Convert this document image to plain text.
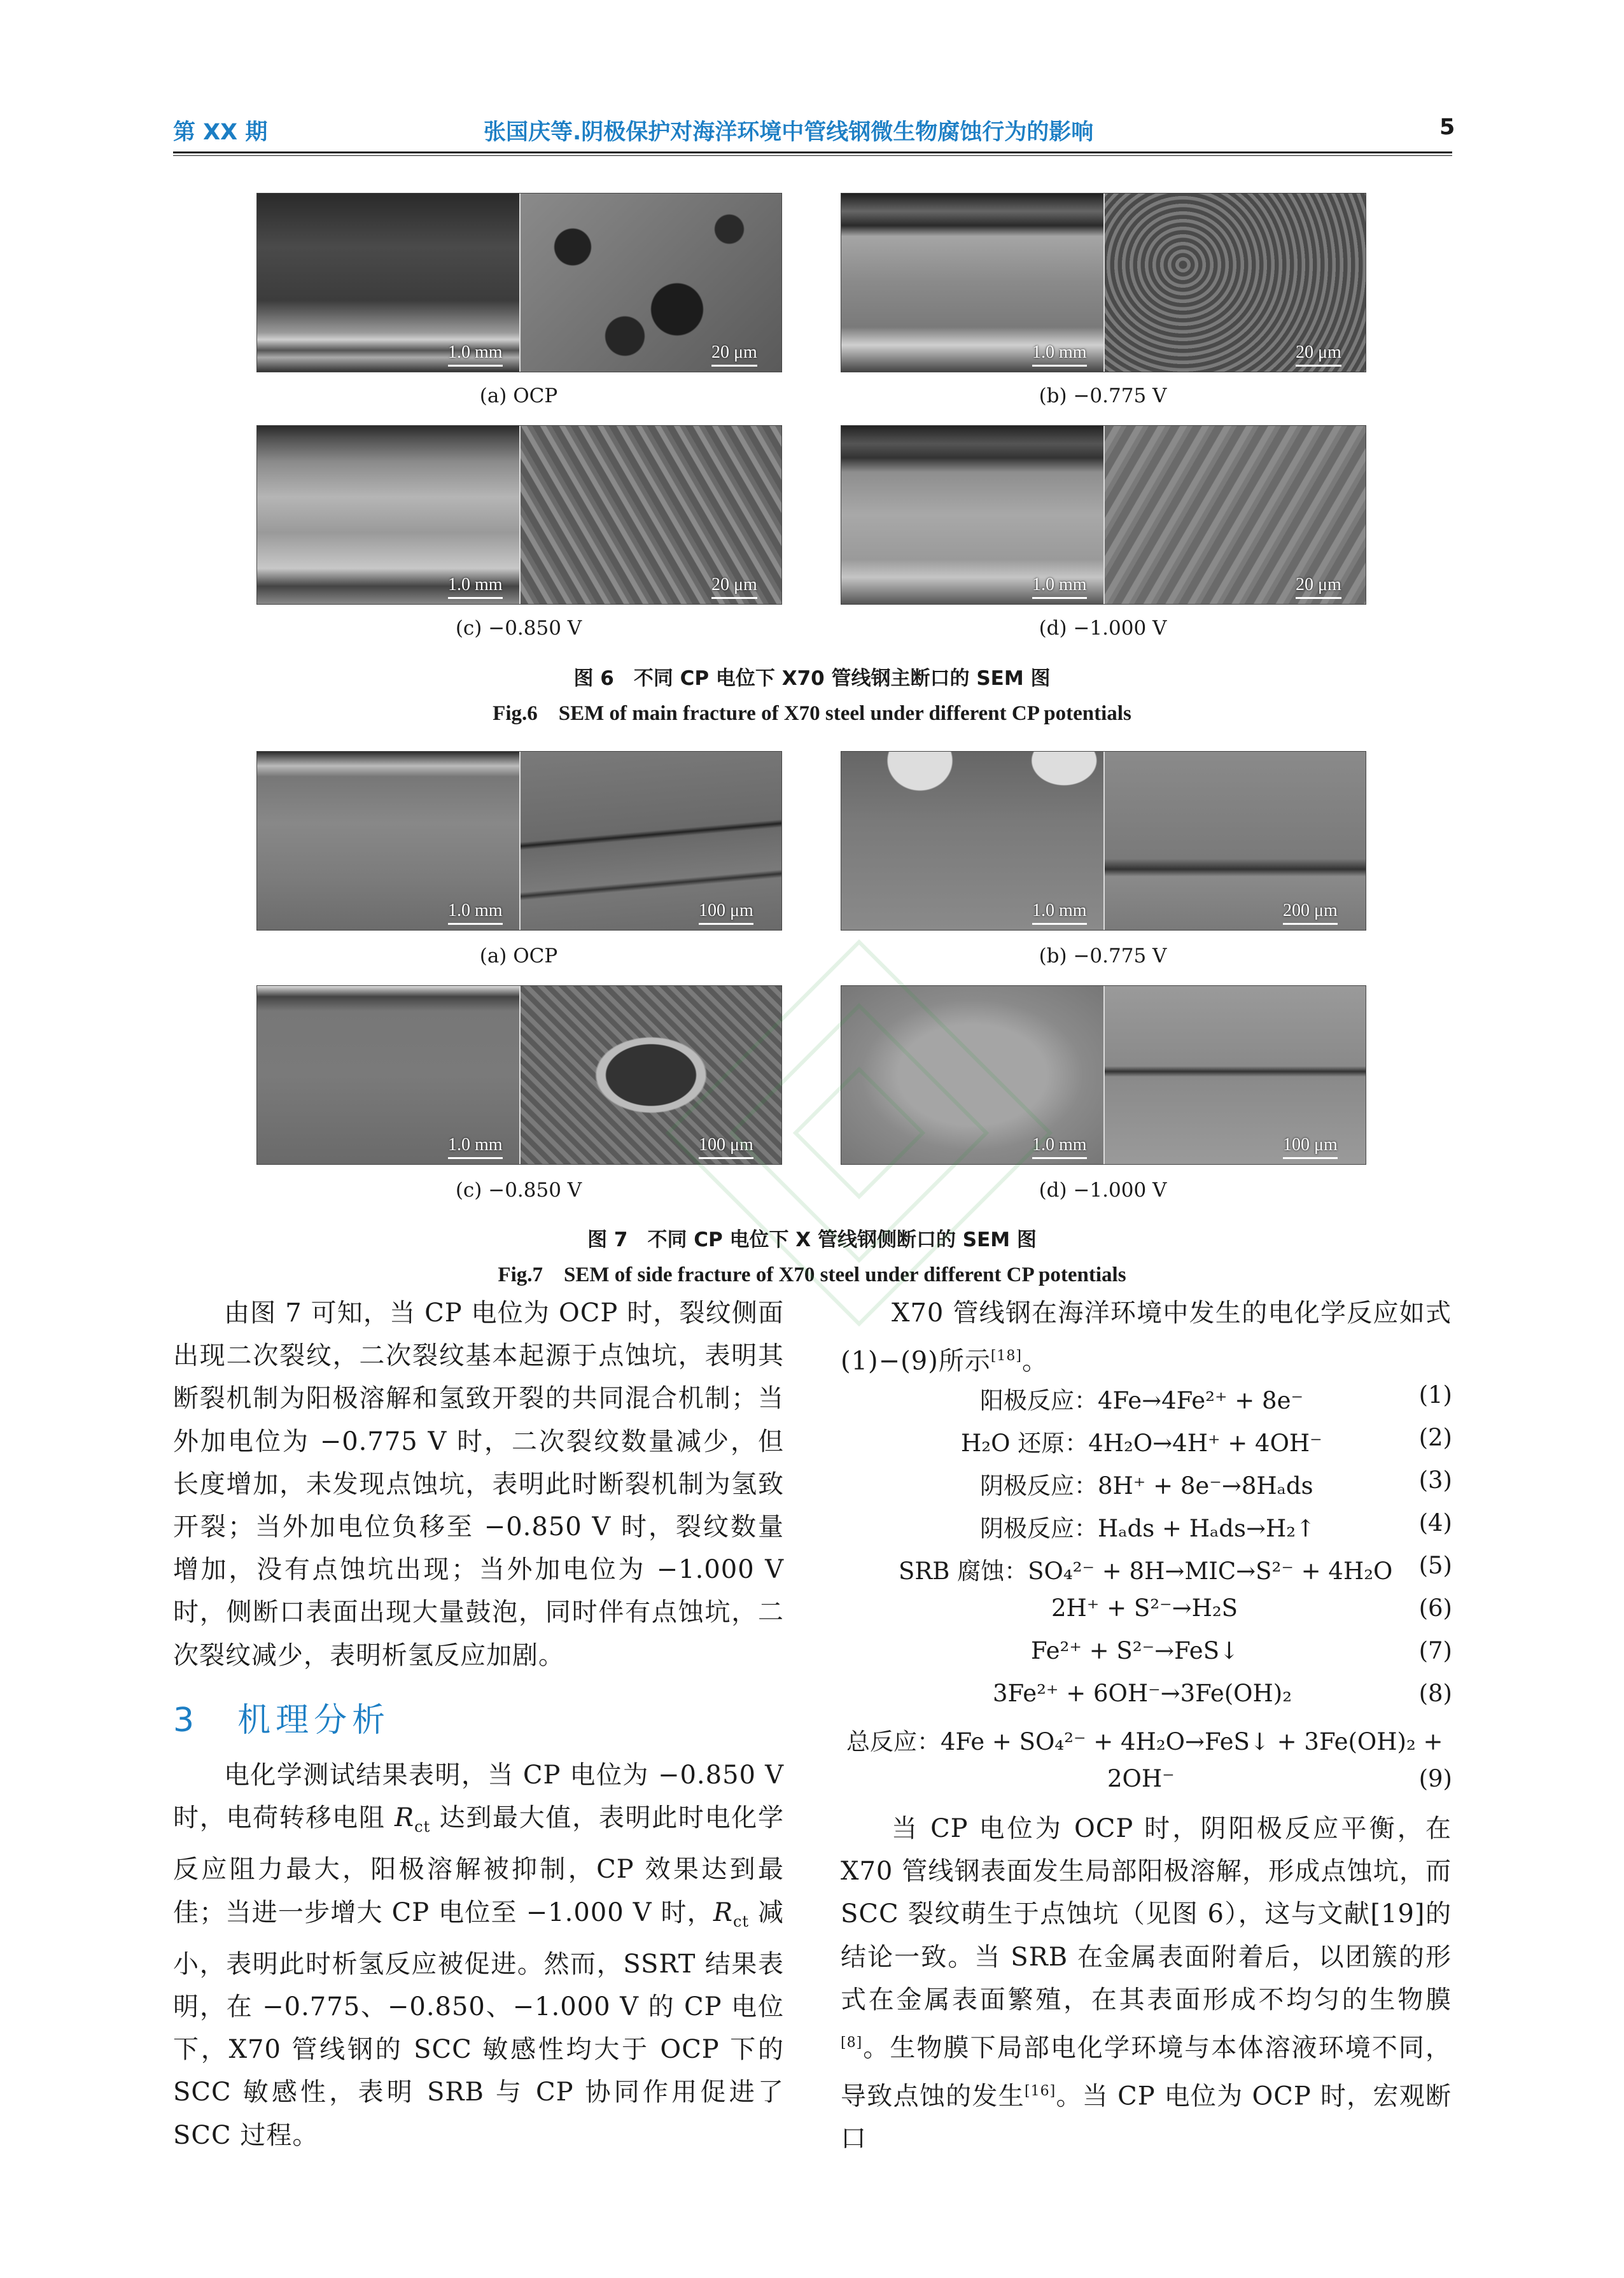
第 XX 期	张国庆等.阴极保护对海洋环境中管线钢微生物腐蚀行为的影响	5
1.0 mm	20 μm
(a) OCP
1.0 mm	20 μm
(b) −0.775 V
1.0 mm	20 μm
(c) −0.850 V
1.0 mm	20 μm
(d) −1.000 V
图 6　不同 CP 电位下 X70 管线钢主断口的 SEM 图
Fig.6　SEM of main fracture of X70 steel under different CP potentials
1.0 mm	100 μm
(a) OCP
1.0 mm	200 μm
(b) −0.775 V
1.0 mm	100 μm
(c) −0.850 V
1.0 mm	100 μm
(d) −1.000 V
图 7　不同 CP 电位下 X 管线钢侧断口的 SEM 图
Fig.7　SEM of side fracture of X70 steel under different CP potentials

由图 7 可知，当 CP 电位为 OCP 时，裂纹侧面出现二次裂纹，二次裂纹基本起源于点蚀坑，表明其断裂机制为阳极溶解和氢致开裂的共同混合机制；当外加电位为 −0.775 V 时，二次裂纹数量减少，但长度增加，未发现点蚀坑，表明此时断裂机制为氢致开裂；当外加电位负移至 −0.850 V 时，裂纹数量增加，没有点蚀坑出现；当外加电位为 −1.000 V 时，侧断口表面出现大量鼓泡，同时伴有点蚀坑，二次裂纹减少，表明析氢反应加剧。

3　机理分析

电化学测试结果表明，当 CP 电位为 −0.850 V 时，电荷转移电阻 $R_{ct}$ 达到最大值，表明此时电化学反应阻力最大，阳极溶解被抑制，CP 效果达到最佳；当进一步增大 CP 电位至 −1.000 V 时，$R_{ct}$ 减小，表明此时析氢反应被促进。然而，SSRT 结果表明，在 −0.775、−0.850、−1.000 V 的 CP 电位下，X70 管线钢的 SCC 敏感性均大于 OCP 下的 SCC 敏感性，表明 SRB 与 CP 协同作用促进了 SCC 过程。

X70 管线钢在海洋环境中发生的电化学反应如式(1)−(9)所示[18]。

阳极反应：4Fe→4Fe²⁺ + 8e⁻	(1)
H₂O 还原：4H₂O→4H⁺ + 4OH⁻	(2)
阴极反应：8H⁺ + 8e⁻→8Hₐds	(3)
阴极反应：Hₐds + Hₐds→H₂↑	(4)
SRB 腐蚀：SO₄²⁻ + 8H→MIC→S²⁻ + 4H₂O (5)
2H⁺ + S²⁻→H₂S	(6)
Fe²⁺ + S²⁻→FeS↓	(7)
3Fe²⁺ + 6OH⁻→3Fe(OH)₂	(8)
总反应：4Fe + SO₄²⁻ + 4H₂O→FeS↓ + 3Fe(OH)₂ +
2OH⁻	(9)

当 CP 电位为 OCP 时，阴阳极反应平衡，在 X70 管线钢表面发生局部阳极溶解，形成点蚀坑，而 SCC 裂纹萌生于点蚀坑（见图 6），这与文献[19]的结论一致。当 SRB 在金属表面附着后，以团簇的形式在金属表面繁殖，在其表面形成不均匀的生物膜[8]。生物膜下局部电化学环境与本体溶液环境不同，导致点蚀的发生[16]。当 CP 电位为 OCP 时，宏观断口
